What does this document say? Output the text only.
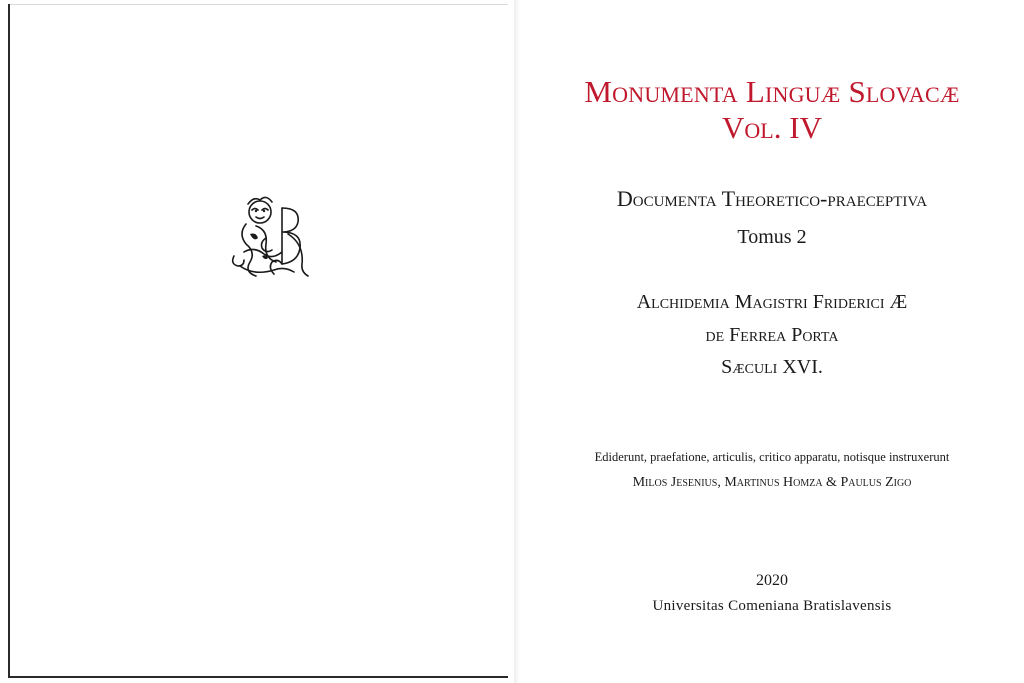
Monumenta Linguæ Slovacæ
Vol. IV
Documenta Theoretico-praeceptiva
Tomus 2
Alchidemia Magistri Friderici Æ
de Ferrea Porta
Sæculi XVI.
Ediderunt, praefatione, articulis, critico apparatu, notisque instruxerunt
Milos Jesenius, Martinus Homza & Paulus Zigo
2020
Universitas Comeniana Bratislavensis
